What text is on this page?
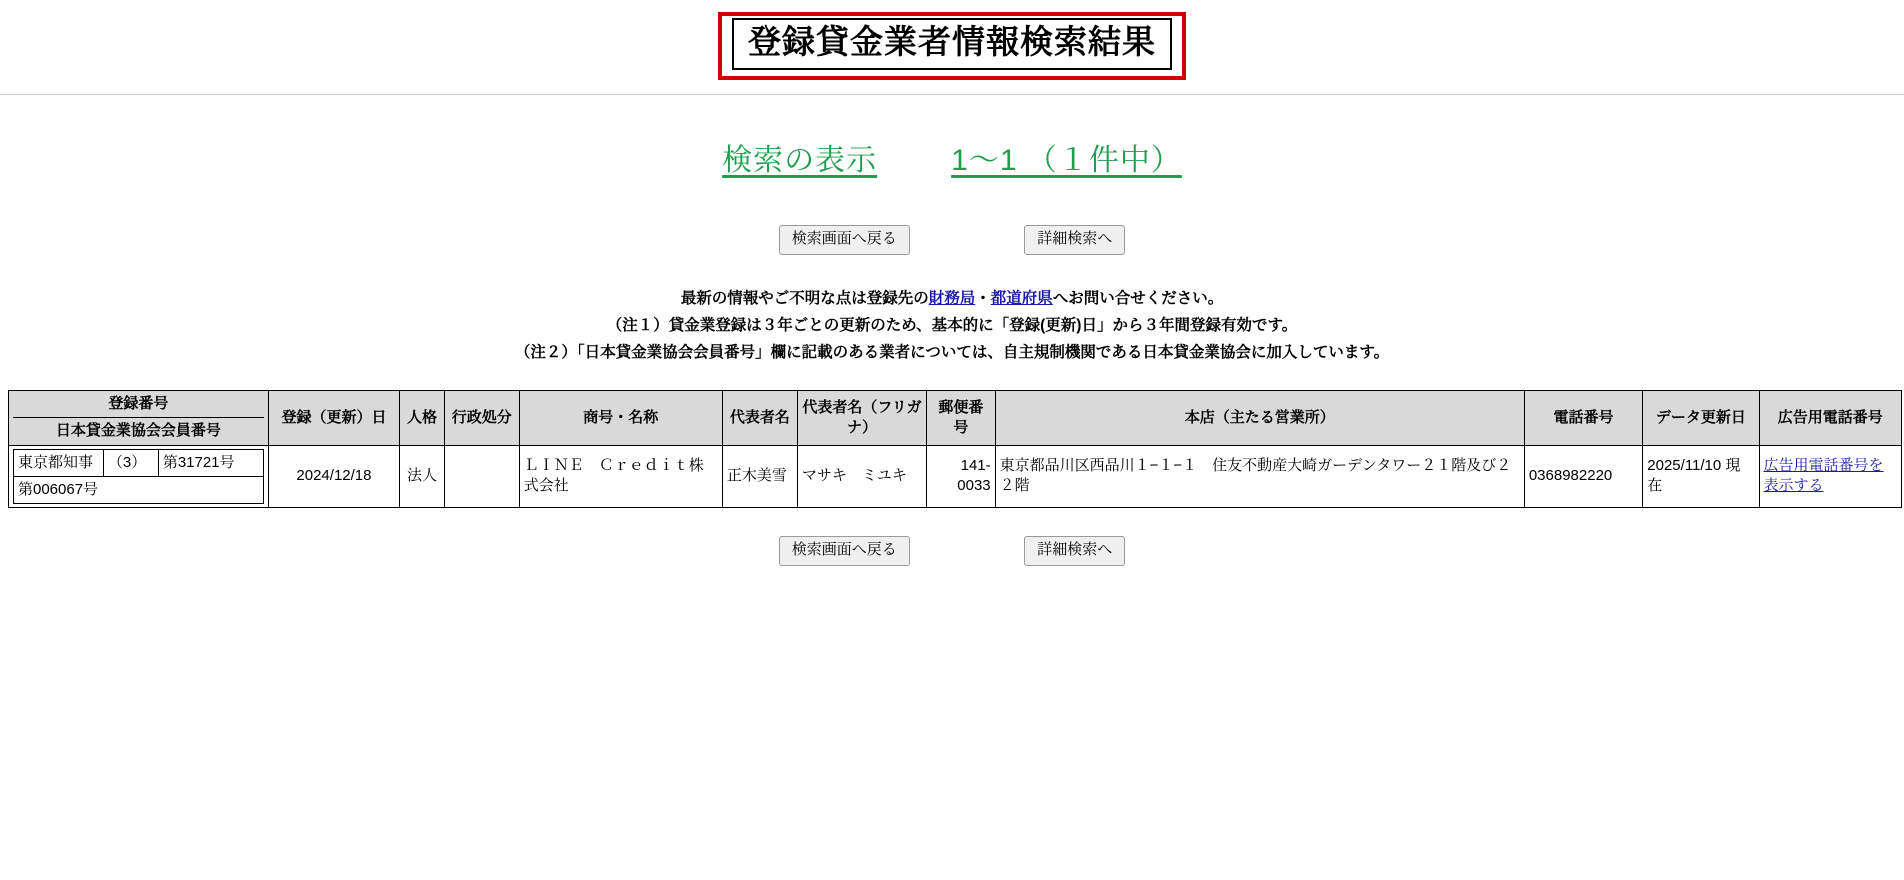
登録貸金業者情報検索結果
検索の表示 1～1 （１件中）
検索画面へ戻る	詳細検索へ
最新の情報やご不明な点は登録先の財務局・都道府県へお問い合せください。
（注１）貸金業登録は３年ごとの更新のため、基本的に「登録(更新)日」から３年間登録有効です。
（注２）「日本貸金業協会会員番号」欄に記載のある業者については、自主規制機関である日本貸金業協会に加入しています。
登録番号
日本貸金業協会会員番号
	登録（更新）日	人格	行政処分	商号・名称	代表者名	代表者名（フリガナ）	郵便番号	本店（主たる営業所）	電話番号	データ更新日	広告用電話番号

東京都知事	（3）	第31721号
第006067号
	2024/12/18	法人		ＬＩＮＥ　Ｃｒｅｄｉｔ株式会社	正木美雪	マサキ　ミユキ	141-0033	東京都品川区西品川１−１−１　住友不動産大崎ガーデンタワー２１階及び２２階	0368982220	2025/11/10 現在	広告用電話番号を表示する
検索画面へ戻る	詳細検索へ
